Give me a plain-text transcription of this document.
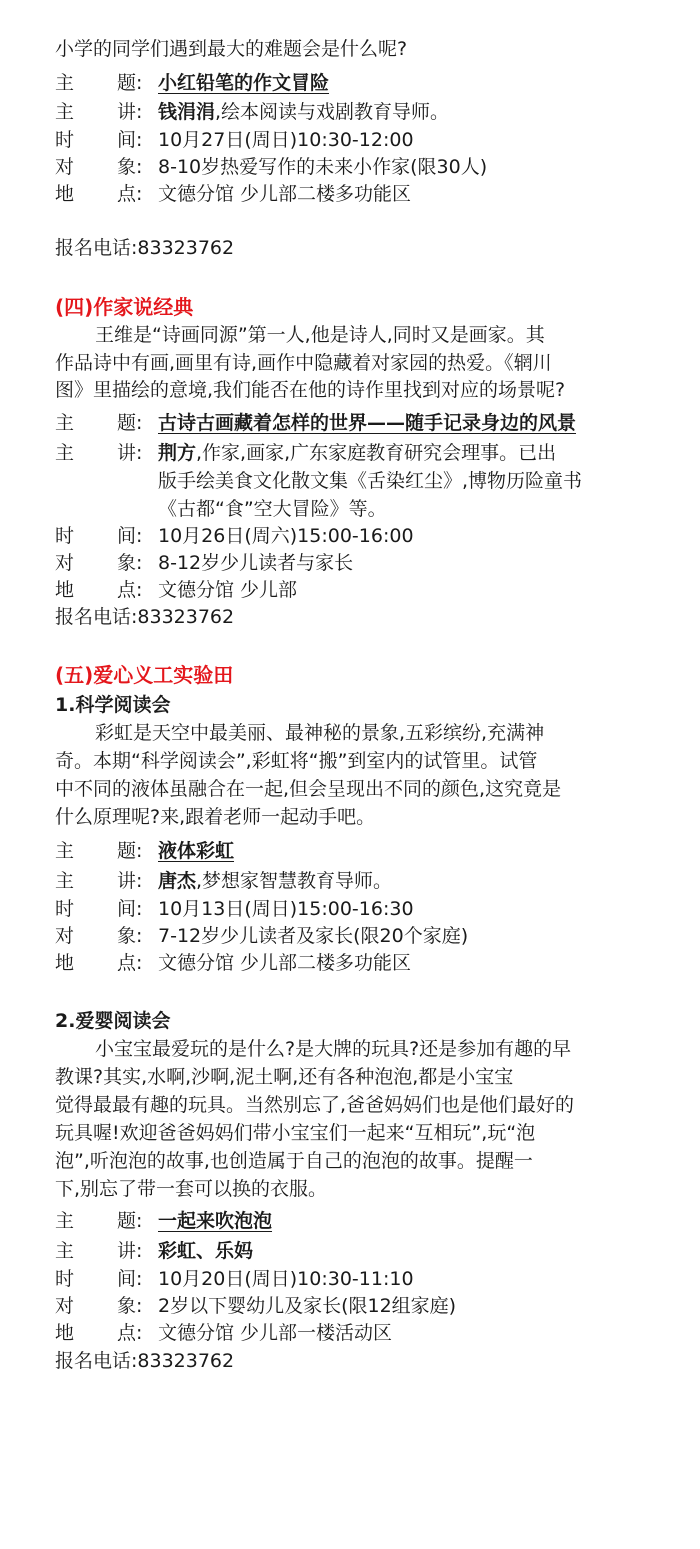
小学的同学们遇到最大的难题会是什么呢?
主 题: 小红铅笔的作文冒险
主 讲: 钱涓涓,绘本阅读与戏剧教育导师。
时 间: 10月27日(周日)10:30-12:00
对 象: 8-10岁热爱写作的未来小作家(限30人)
地 点: 文德分馆 少儿部二楼多功能区
报名电话:83323762
(四)作家说经典
王维是“诗画同源”第一人,他是诗人,同时又是画家。其
作品诗中有画,画里有诗,画作中隐藏着对家园的热爱。《辋川
图》里描绘的意境,我们能否在他的诗作里找到对应的场景呢?
主 题: 古诗古画藏着怎样的世界——随手记录身边的风景
主 讲: 荆方,作家,画家,广东家庭教育研究会理事。已出
版手绘美食文化散文集《舌染红尘》,博物历险童书
《古都“食”空大冒险》等。
时 间: 10月26日(周六)15:00-16:00
对 象: 8-12岁少儿读者与家长
地 点: 文德分馆 少儿部
报名电话:83323762
(五)爱心义工实验田
1.科学阅读会
彩虹是天空中最美丽、最神秘的景象,五彩缤纷,充满神
奇。本期“科学阅读会”,彩虹将“搬”到室内的试管里。试管
中不同的液体虽融合在一起,但会呈现出不同的颜色,这究竟是
什么原理呢?来,跟着老师一起动手吧。
主 题: 液体彩虹
主 讲: 唐杰,梦想家智慧教育导师。
时 间: 10月13日(周日)15:00-16:30
对 象: 7-12岁少儿读者及家长(限20个家庭)
地 点: 文德分馆 少儿部二楼多功能区
2.爱婴阅读会
小宝宝最爱玩的是什么?是大牌的玩具?还是参加有趣的早
教课?其实,水啊,沙啊,泥土啊,还有各种泡泡,都是小宝宝
觉得最最有趣的玩具。当然别忘了,爸爸妈妈们也是他们最好的
玩具喔!欢迎爸爸妈妈们带小宝宝们一起来“互相玩”,玩“泡
泡”,听泡泡的故事,也创造属于自己的泡泡的故事。提醒一
下,别忘了带一套可以换的衣服。
主 题: 一起来吹泡泡
主 讲: 彩虹、乐妈
时 间: 10月20日(周日)10:30-11:10
对 象: 2岁以下婴幼儿及家长(限12组家庭)
地 点: 文德分馆 少儿部一楼活动区
报名电话:83323762
